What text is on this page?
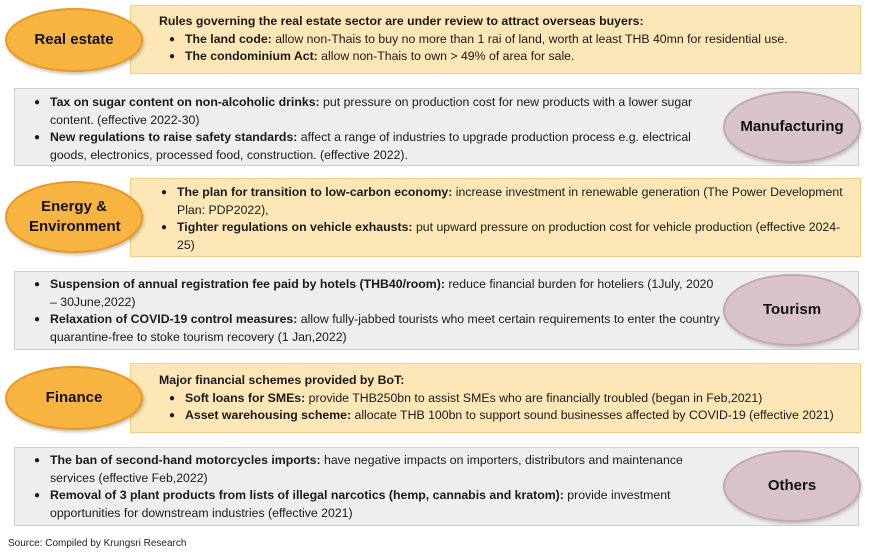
Rules governing the real estate sector are under review to attract overseas buyers:
● The land code: allow non-Thais to buy no more than 1 rai of land, worth at least THB 40mn for residential use.
● The condominium Act: allow non-Thais to own > 49% of area for sale.
Real estate
● Tax on sugar content on non-alcoholic drinks: put pressure on production cost for new products with a lower sugar content. (effective 2022-30)
● New regulations to raise safety standards: affect a range of industries to upgrade production process e.g. electrical goods, electronics, processed food, construction. (effective 2022).
Manufacturing
● The plan for transition to low-carbon economy: increase investment in renewable generation (The Power Development Plan: PDP2022),
● Tighter regulations on vehicle exhausts: put upward pressure on production cost for vehicle production (effective 2024-25)
Energy & Environment
● Suspension of annual registration fee paid by hotels (THB40/room): reduce financial burden for hoteliers (1July, 2020 – 30June,2022)
● Relaxation of COVID-19 control measures: allow fully-jabbed tourists who meet certain requirements to enter the country quarantine-free to stoke tourism recovery (1 Jan,2022)
Tourism
Major financial schemes provided by BoT:
● Soft loans for SMEs: provide THB250bn to assist SMEs who are financially troubled (began in Feb,2021)
● Asset warehousing scheme: allocate THB 100bn to support sound businesses affected by COVID-19 (effective 2021)
Finance
● The ban of second-hand motorcycles imports: have negative impacts on importers, distributors and maintenance services (effective Feb,2022)
● Removal of 3 plant products from lists of illegal narcotics (hemp, cannabis and kratom): provide investment opportunities for downstream industries (effective 2021)
Others
Source: Compiled by Krungsri Research
